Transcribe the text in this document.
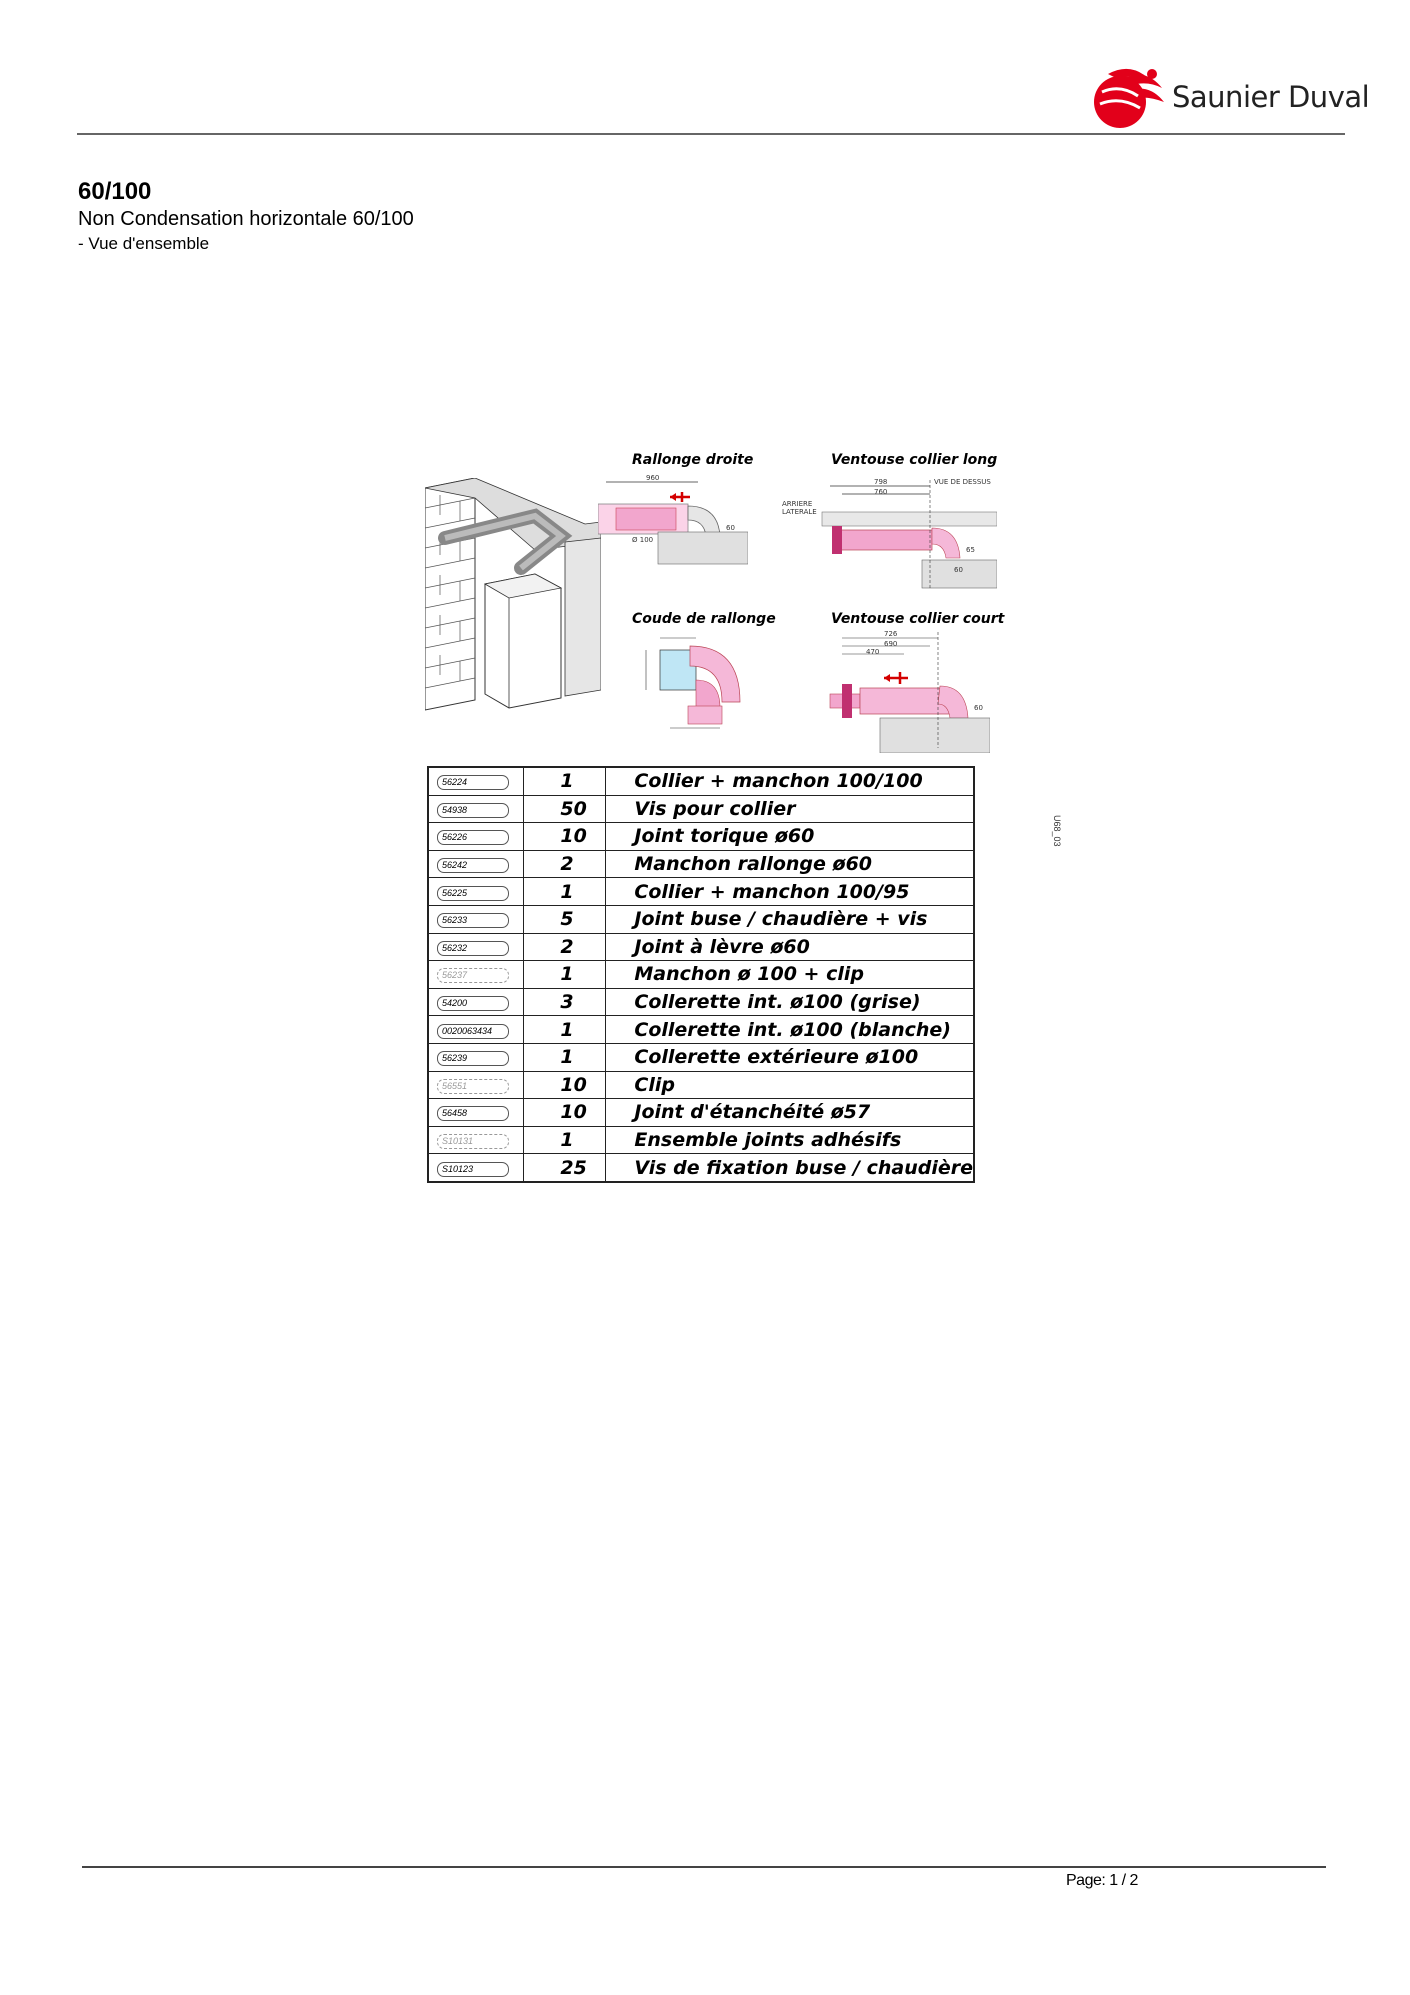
Saunier Duval
60/100
Non Condensation horizontale 60/100
- Vue d'ensemble
Rallonge droite
960
Ø 100
60
Ventouse collier long
798
760
VUE DE DESSUS
ARRIERE
LATERALE
65
60
Coude de rallonge	Ventouse collier court
726
690
470
60
56224	1	Collier + manchon 100/100
54938	50	Vis pour collier
56226	10	Joint torique ø60
56242	2	Manchon rallonge ø60
56225	1	Collier + manchon 100/95
56233	5	Joint buse / chaudière + vis
56232	2	Joint à lèvre ø60
56237	1	Manchon ø 100 + clip
54200	3	Collerette int. ø100 (grise)
0020063434	1	Collerette int. ø100 (blanche)
56239	1	Collerette extérieure ø100
56551	10	Clip
56458	10	Joint d'étanchéité ø57
S10131	1	Ensemble joints adhésifs
S10123	25	Vis de fixation buse / chaudière
U68_03
Page: 1 / 2
